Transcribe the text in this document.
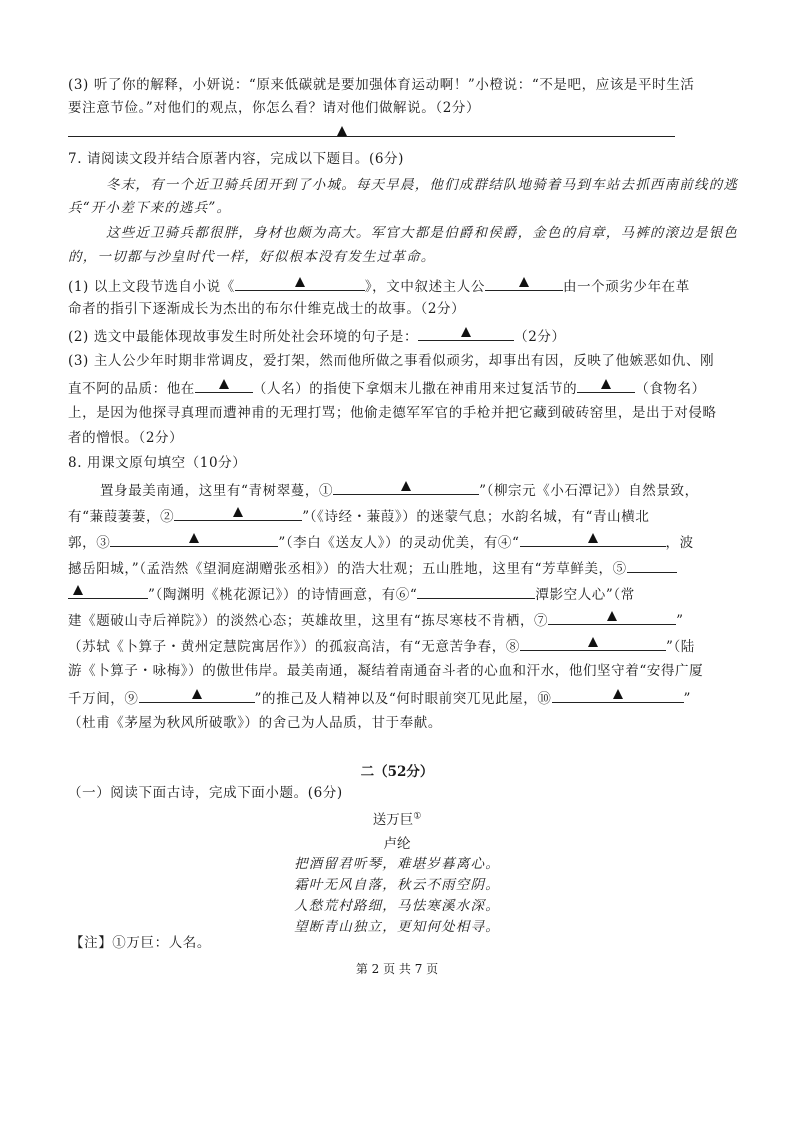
(3) 听了你的解释，小妍说：“原来低碳就是要加强体育运动啊！”小橙说：“不是吧，应该是平时生活
要注意节俭。”对他们的观点，你怎么看？请对他们做解说。（2分）
7. 请阅读文段并结合原著内容，完成以下题目。(6分)
冬末，有一个近卫骑兵团开到了小城。每天早晨，他们成群结队地骑着马到车站去抓西南前线的逃
兵“开小差下来的逃兵”。
这些近卫骑兵都很胖，身材也颇为高大。军官大都是伯爵和侯爵，金色的肩章，马裤的滚边是银色
的，一切都与沙皇时代一样，好似根本没有发生过革命。
(1) 以上文段节选自小说《	》，文中叙述主人公	由一个顽劣少年在革
命者的指引下逐渐成长为杰出的布尔什维克战士的故事。（2分）
(2) 选文中最能体现故事发生时所处社会环境的句子是：	（2分）
(3) 主人公少年时期非常调皮，爱打架，然而他所做之事看似顽劣，却事出有因，反映了他嫉恶如仇、刚
直不阿的品质：他在	（人名）的指使下拿烟末儿撒在神甫用来过复活节的	（食物名）
上，是因为他探寻真理而遭神甫的无理打骂；他偷走德军军官的手枪并把它藏到破砖窑里，是出于对侵略
者的憎恨。（2分）
8. 用课文原句填空（10分）
置身最美南通，这里有“青树翠蔓，①	”（柳宗元《小石潭记》）自然景致，
有“蒹葭萋萋，②	”（《诗经・蒹葭》）的迷蒙气息；水韵名城，有“青山横北
郭，③	”（李白《送友人》）的灵动优美，有④“	，波
撼岳阳城，”（孟浩然《望洞庭湖赠张丞相》）的浩大壮观；五山胜地，这里有“芳草鲜美，⑤
”（陶渊明《桃花源记》）的诗情画意，有⑥“	潭影空人心”（常
建《题破山寺后禅院》）的淡然心态；英雄故里，这里有“拣尽寒枝不肯栖，⑦	”
（苏轼《卜算子・黄州定慧院寓居作》）的孤寂高洁，有“无意苦争春，⑧	”（陆
游《卜算子・咏梅》）的傲世伟岸。最美南通，凝结着南通奋斗者的心血和汗水，他们坚守着“安得广厦
千万间，⑨	”的推己及人精神以及“何时眼前突兀见此屋，⑩	”
（杜甫《茅屋为秋风所破歌》）的舍己为人品质，甘于奉献。
二（52分）
（一）阅读下面古诗，完成下面小题。(6分)
送万巨①
卢纶
把酒留君听琴，难堪岁暮离心。
霜叶无风自落，秋云不雨空阴。
人愁荒村路细，马怯寒溪水深。
望断青山独立，更知何处相寻。
【注】①万巨：人名。
第 2 页 共 7 页
